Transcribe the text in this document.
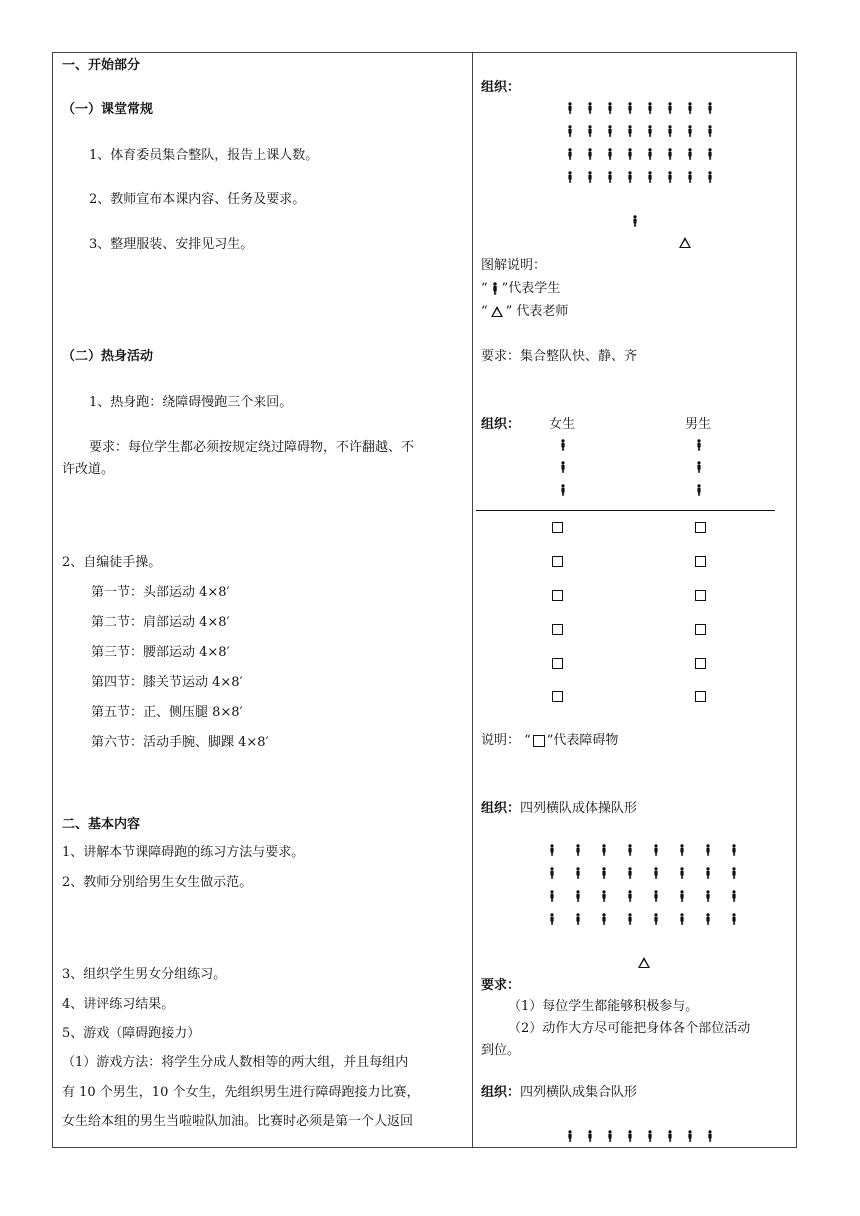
一、开始部分
（一）课堂常规
1、体育委员集合整队，报告上课人数。
2、教师宣布本课内容、任务及要求。
3、整理服装、安排见习生。
（二）热身活动
1、热身跑：绕障碍慢跑三个来回。
要求：每位学生都必须按规定绕过障碍物，不许翻越、不
许改道。
2、自编徒手操。
第一节：头部运动 4×8′
第二节：肩部运动 4×8′
第三节：腰部运动 4×8′
第四节：膝关节运动 4×8′
第五节：正、侧压腿 8×8′
第六节：活动手腕、脚踝 4×8′
二、基本内容
1、讲解本节课障碍跑的练习方法与要求。
2、教师分别给男生女生做示范。
3、组织学生男女分组练习。
4、讲评练习结果。
5、游戏（障碍跑接力）
（1）游戏方法：将学生分成人数相等的两大组，并且每组内
有 10 个男生，10 个女生，先组织男生进行障碍跑接力比赛，
女生给本组的男生当啦啦队加油。比赛时必须是第一个人返回
组织：
图解说明：
“ ”代表学生
“ ” 代表老师
要求：集合整队快、静、齐
组织： 女生	男生
说明： “ ”代表障碍物
组织：四列横队成体操队形
要求：
（1）每位学生都能够积极参与。
（2）动作大方尽可能把身体各个部位活动
到位。
组织：四列横队成集合队形
